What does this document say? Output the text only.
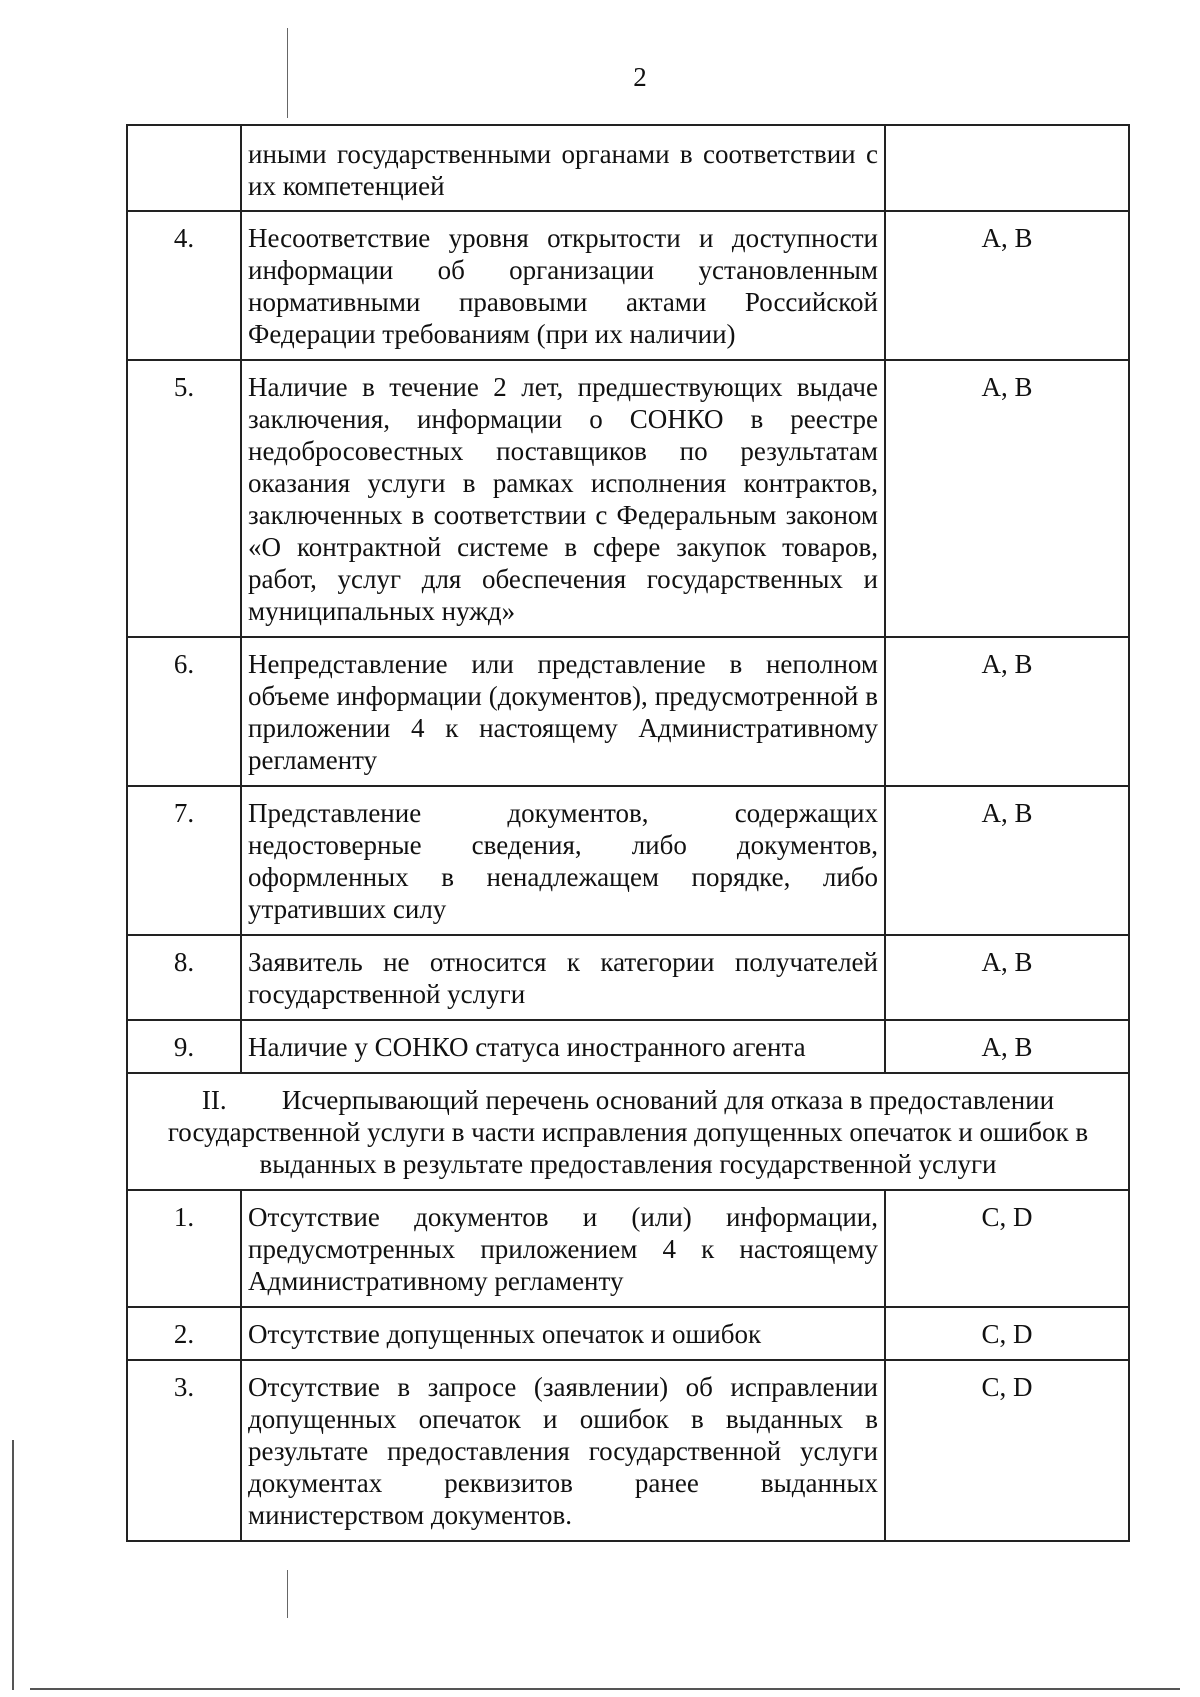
2
	иными государственными органами в соответствии с их компетенцией	
4.	Несоответствие уровня открытости и доступности информации об организации установленным нормативными правовыми актами Российской Федерации требованиям (при их наличии)	А, В
5.	Наличие в течение 2 лет, предшествующих выдаче заключения, информации о СОНКО в реестре недобросовестных поставщиков по результатам оказания услуги в рамках исполнения контрактов, заключенных в соответствии с Федеральным законом «О контрактной системе в сфере закупок товаров, работ, услуг для обеспечения государственных и муниципальных нужд»	А, В
6.	Непредставление или представление в неполном объеме информации (документов), предусмотренной в приложении 4 к настоящему Административному регламенту	А, В
7.	Представление документов, содержащих недостоверные сведения, либо документов, оформленных в ненадлежащем порядке, либо утративших силу	А, В
8.	Заявитель не относится к категории получателей государственной услуги	А, В
9.	Наличие у СОНКО статуса иностранного агента	А, В

II. Исчерпывающий перечень оснований для отказа в предоставлении государственной услуги в части исправления допущенных опечаток и ошибок в выданных в результате предоставления государственной услуги		

1.	Отсутствие документов и (или) информации, предусмотренных приложением 4 к настоящему Административному регламенту	С, D
2.	Отсутствие допущенных опечаток и ошибок	С, D
3.	Отсутствие в запросе (заявлении) об исправлении допущенных опечаток и ошибок в выданных в результате предоставления государственной услуги документах реквизитов ранее выданных министерством документов.	С, D
